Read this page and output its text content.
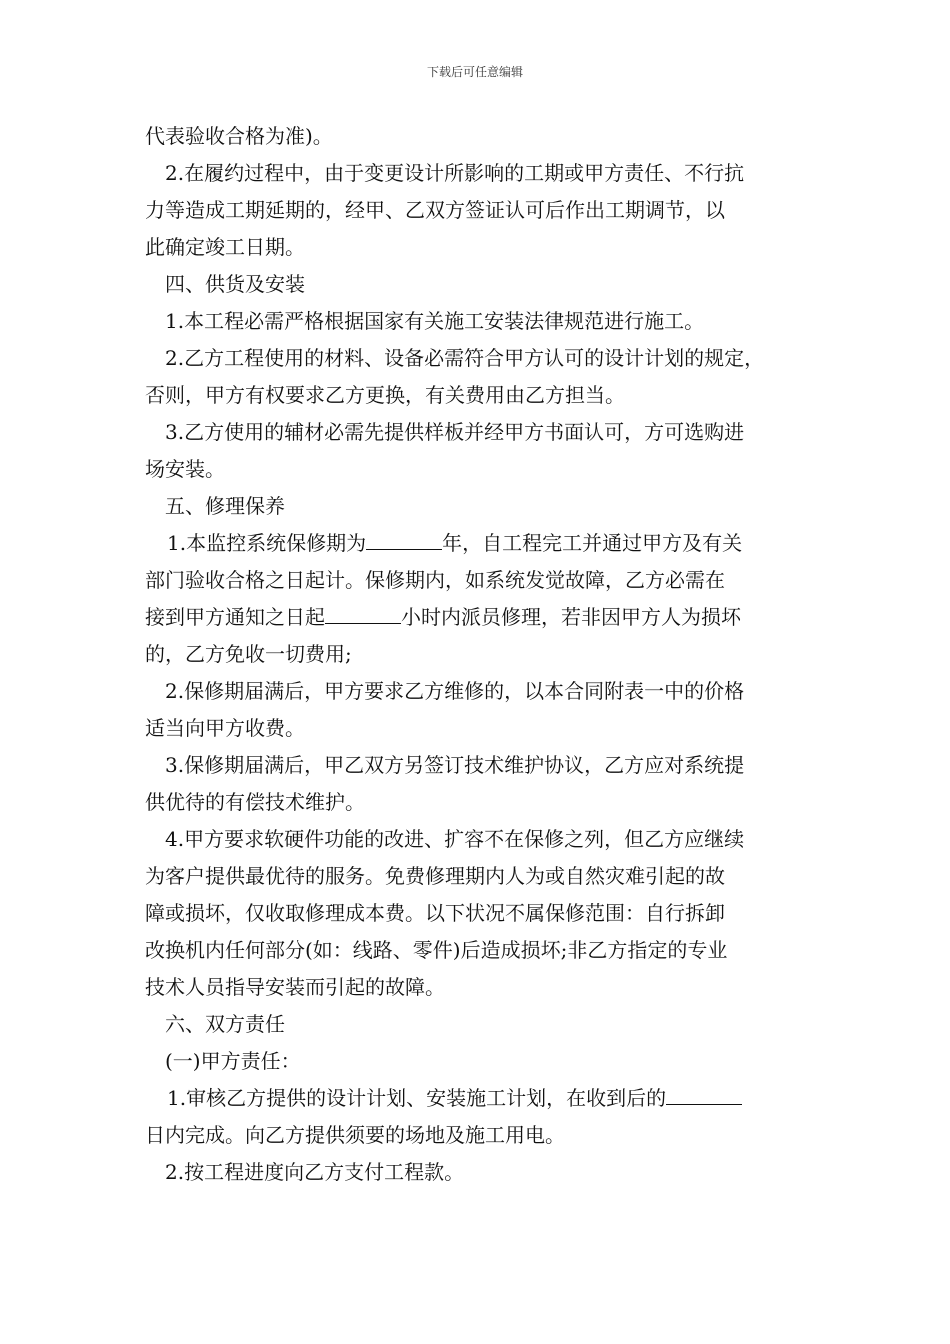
下载后可任意编辑
代表验收合格为准)。
2.在履约过程中，由于变更设计所影响的工期或甲方责任、不行抗
力等造成工期延期的，经甲、乙双方签证认可后作出工期调节，以
此确定竣工日期。
四、供货及安装
1.本工程必需严格根据国家有关施工安装法律规范进行施工。
2.乙方工程使用的材料、设备必需符合甲方认可的设计计划的规定，
否则，甲方有权要求乙方更换，有关费用由乙方担当。
3.乙方使用的辅材必需先提供样板并经甲方书面认可，方可选购进
场安装。
五、修理保养
1.本监控系统保修期为	年，自工程完工并通过甲方及有关
部门验收合格之日起计。保修期内，如系统发觉故障，乙方必需在
接到甲方通知之日起	小时内派员修理，若非因甲方人为损坏
的，乙方免收一切费用;
2.保修期届满后，甲方要求乙方维修的，以本合同附表一中的价格
适当向甲方收费。
3.保修期届满后，甲乙双方另签订技术维护协议，乙方应对系统提
供优待的有偿技术维护。
4.甲方要求软硬件功能的改进、扩容不在保修之列，但乙方应继续
为客户提供最优待的服务。免费修理期内人为或自然灾难引起的故
障或损坏，仅收取修理成本费。以下状况不属保修范围：自行拆卸
改换机内任何部分(如：线路、零件)后造成损坏;非乙方指定的专业
技术人员指导安装而引起的故障。
六、双方责任
(一)甲方责任：
1.审核乙方提供的设计计划、安装施工计划，在收到后的
日内完成。向乙方提供须要的场地及施工用电。
2.按工程进度向乙方支付工程款。
